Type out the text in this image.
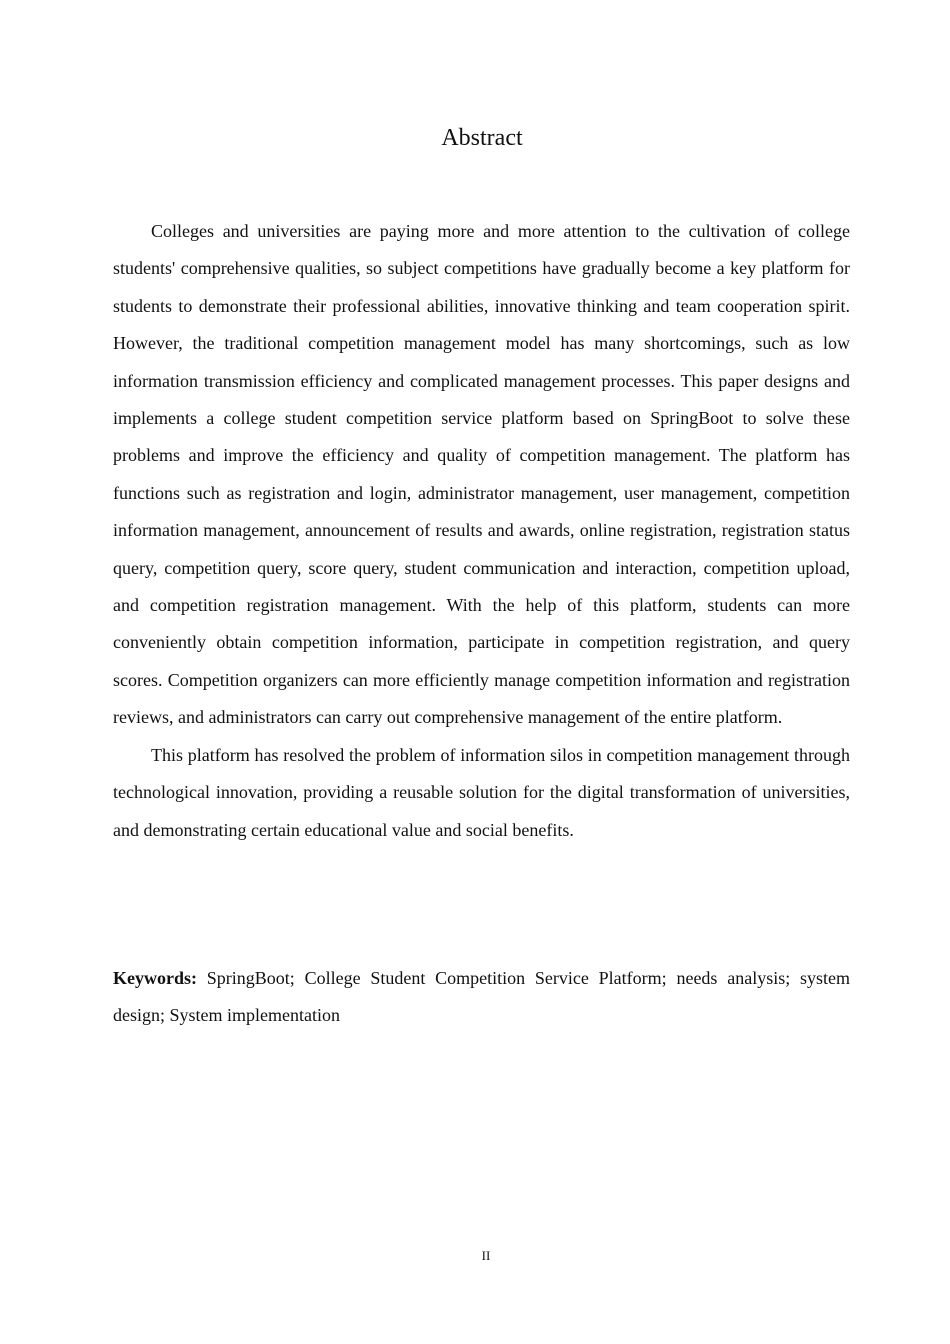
Abstract

Colleges and universities are paying more and more attention to the cultivation of college students' comprehensive qualities, so subject competitions have gradually become a key platform for students to demonstrate their professional abilities, innovative thinking and team cooperation spirit. However, the traditional competition management model has many shortcomings, such as low information transmission efficiency and complicated management processes. This paper designs and implements a college student competition service platform based on SpringBoot to solve these problems and improve the efficiency and quality of competition management. The platform has functions such as registration and login, administrator management, user management, competition information management, announcement of results and awards, online registration, registration status query, competition query, score query, student communication and interaction, competition upload, and competition registration management. With the help of this platform, students can more conveniently obtain competition information, participate in competition registration, and query scores. Competition organizers can more efficiently manage competition information and registration reviews, and administrators can carry out comprehensive management of the entire platform.

This platform has resolved the problem of information silos in competition management through technological innovation, providing a reusable solution for the digital transformation of universities, and demonstrating certain educational value and social benefits.

Keywords: SpringBoot; College Student Competition Service Platform; needs analysis; system design; System implementation

II
